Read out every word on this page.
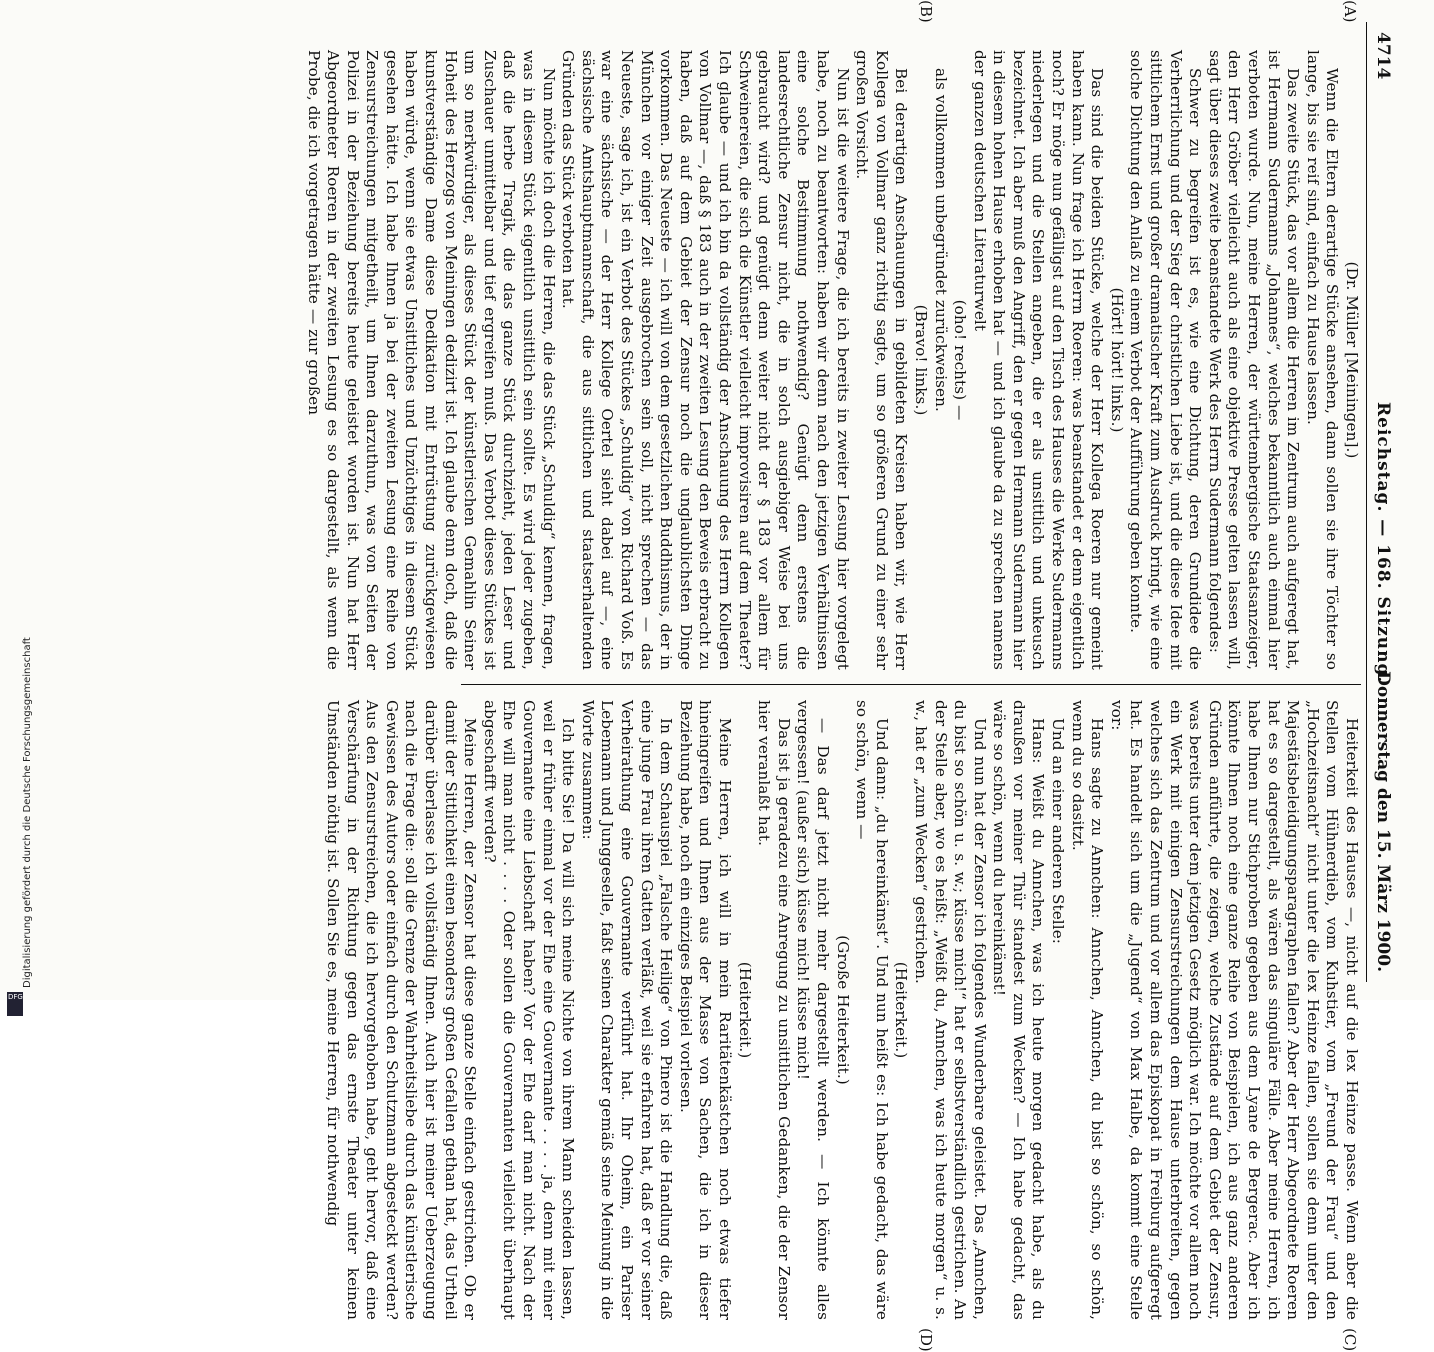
4714
Reichstag. — 168. Sitzung.
Donnerstag den 15. März 1900.
(A)
(B)
(C)
(D)

(Dr. Müller [Meiningen].)

Wenn die Eltern derartige Stücke ansehen, dann sollen sie ihre Töchter so lange, bis sie reif sind, einfach zu Hause lassen.

Das zweite Stück, das vor allem die Herren im Zentrum auch aufgeregt hat, ist Hermann Sudermanns „Johannes“, welches bekanntlich auch einmal hier verboten wurde. Nun, meine Herren, der württembergische Staatsanzeiger, den Herr Gröber vielleicht auch als eine objektive Presse gelten lassen will, sagt über dieses zweite beanstandete Werk des Herrn Sudermann folgendes:

Schwer zu begreifen ist es, wie eine Dichtung, deren Grundidee die Verherrlichung und der Sieg der christlichen Liebe ist, und die diese Idee mit sittlichem Ernst und großer dramatischer Kraft zum Ausdruck bringt, wie eine solche Dichtung den Anlaß zu einem Verbot der Aufführung geben konnte.

(Hört! hört! links.)

Das sind die beiden Stücke, welche der Herr Kollega Roeren nur gemeint haben kann. Nun frage ich Herrn Roeren: was beanstandet er denn eigentlich noch? Er möge nun gefälligst auf den Tisch des Hauses die Werke Sudermanns niederlegen und die Stellen angeben, die er als unsittlich und unkeusch bezeichnet. Ich aber muß den Angriff, den er gegen Hermann Sudermann hier in diesem hohen Hause erhoben hat — und ich glaube da zu sprechen namens der ganzen deutschen Literaturwelt

(oho! rechts) —

als vollkommen unbegründet zurückweisen.

(Bravo! links.)

Bei derartigen Anschauungen in gebildeten Kreisen haben wir, wie Herr Kollega von Vollmar ganz richtig sagte, um so größeren Grund zu einer sehr großen Vorsicht.

Nun ist die weitere Frage, die ich bereits in zweiter Lesung hier vorgelegt habe, noch zu beantworten: haben wir denn nach den jetzigen Verhältnissen eine solche Bestimmung nothwendig? Genügt denn erstens die landesrechtliche Zensur nicht, die in solch ausgiebiger Weise bei uns gebraucht wird? und genügt denn weiter nicht der § 183 vor allem für Schweinereien, die sich die Künstler vielleicht improvisiren auf dem Theater? Ich glaube — und ich bin da vollständig der Anschauung des Herrn Kollegen von Vollmar —, daß § 183 auch in der zweiten Lesung den Beweis erbracht zu haben, daß auf dem Gebiet der Zensur noch die unglaublichsten Dinge vorkommen. Das Neueste — ich will von dem gesetzlichen Buddhismus, der in München vor einiger Zeit ausgebrochen sein soll, nicht sprechen — das Neueste, sage ich, ist ein Verbot des Stückes „Schuldig“ von Richard Voß. Es war eine sächsische — der Herr Kollege Oertel sieht dabei auf —, eine sächsische Amtshauptmannschaft, die aus sittlichen und staatserhaltenden Gründen das Stück verboten hat.

Nun möchte ich doch die Herren, die das Stück „Schuldig“ kennen, fragen, was in diesem Stück eigentlich unsittlich sein sollte. Es wird jeder zugeben, daß die herbe Tragik, die das ganze Stück durchzieht, jeden Leser und Zuschauer unmittelbar und tief ergreifen muß. Das Verbot dieses Stückes ist um so merkwürdiger, als dieses Stück der künstlerischen Gemahlin Seiner Hoheit des Herzogs von Meiningen dedizirt ist. Ich glaube denn doch, daß die kunstverständige Dame diese Dedikation mit Entrüstung zurückgewiesen haben würde, wenn sie etwas Unsittliches und Unzüchtiges in diesem Stück gesehen hätte. Ich habe Ihnen ja bei der zweiten Lesung eine Reihe von Zensurstreichungen mitgetheilt, um Ihnen darzuthun, was von Seiten der Polizei in der Beziehung bereits heute geleistet worden ist. Nun hat Herr Abgeordneter Roeren in der zweiten Lesung es so dargestellt, als wenn die Probe, die ich vorgetragen hätte — zur großen

Heiterkeit des Hauses —, nicht auf die lex Heinze passe. Wenn aber die Stellen vom Hühnerdieb, vom Kuhstier, vom „Freund der Frau“ und den „Hochzeitsnacht“ nicht unter die lex Heinze fallen, sollen sie denn unter den Majestätsbeleidigungsparagraphen fallen? Aber der Herr Abgeordnete Roeren hat es so dargestellt, als wären das singuläre Fälle. Aber meine Herren, ich habe Ihnen nur Stichproben gegeben aus dem Lyane de Bergerac. Aber ich könnte Ihnen noch eine ganze Reihe von Beispielen, ich aus ganz anderen Gründen anführte, die zeigen, welche Zustände auf dem Gebiet der Zensur, was bereits unter dem jetzigen Gesetz möglich war. Ich möchte vor allem noch ein Werk mit einigen Zensurstreichungen dem Hause unterbreiten, gegen welches sich das Zentrum und vor allem das Episkopat in Freiburg aufgeregt hat. Es handelt sich um die „Jugend“ von Max Halbe, da kommt eine Stelle vor:

Hans sagte zu Annchen: Annchen, Annchen, du bist so schön, so schön, wenn du so dasitzt.

Und an einer anderen Stelle:

Hans: Weißt du Annchen, was ich heute morgen gedacht habe, als du draußen vor meiner Thür standest zum Wecken? — Ich habe gedacht, das wäre so schön, wenn du hereinkämst!

Und nun hat der Zensor ich folgendes Wunderbare geleistet. Das „Annchen, du bist so schön u. s. w.; küsse mich!“ hat er selbstverständlich gestrichen. An der Stelle aber, wo es heißt: „Weißt du, Annchen, was ich heute morgen“ u. s. w., hat er „zum Wecken“ gestrichen.

(Heiterkeit.)

Und dann: „du hereinkämst“. Und nun heißt es: Ich habe gedacht, das wäre so schön, wenn —

(Große Heiterkeit.)

— Das darf jetzt nicht mehr dargestellt werden. — Ich könnte alles vergessen! (außer sich) küsse mich! küsse mich!

Das ist ja geradezu eine Anregung zu unsittlichen Gedanken, die der Zensor hier veranlaßt hat.

(Heiterkeit.)

Meine Herren, ich will in mein Raritätenkästchen noch etwas tiefer hineingreifen und Ihnen aus der Masse von Sachen, die ich in dieser Beziehung habe, noch ein einziges Beispiel vorlesen.

In dem Schauspiel „Falsche Heilige“ von Pinero ist die Handlung die, daß eine junge Frau ihren Gatten verläßt, weil sie erfahren hat, daß er vor seiner Verheirathung eine Gouvernante verführt hat. Ihr Oheim, ein Pariser Lebemann und Junggeselle, faßt seinen Charakter gemäß seine Meinung in die Worte zusammen:

Ich bitte Sie! Da will sich meine Nichte von ihrem Mann scheiden lassen, weil er früher einmal vor der Ehe eine Gouvernante . . . . ja, denn mit einer Gouvernante eine Liebschaft haben? Vor der Ehe darf man nicht. Nach der Ehe will man nicht . . . . Oder sollen die Gouvernanten vielleicht überhaupt abgeschafft werden?

Meine Herren, der Zensor hat diese ganze Stelle einfach gestrichen. Ob er damit der Sittlichkeit einen besonders großen Gefallen gethan hat, das Urtheil darüber überlasse ich vollständig Ihnen. Auch hier ist meiner Ueberzeugung nach die Frage die: soll die Grenze der Wahrheitsliebe durch das künstlerische Gewissen des Autors oder einfach durch den Schutzmann abgesteckt werden? Aus den Zensurstreichen, die ich hervorgehoben habe, geht hervor, daß eine Verschärfung in der Richtung gegen das ernste Theater unter keinen Umständen nöthig ist. Sollen Sie es, meine Herren, für nothwendig

Digitalisierung gefördert durch die Deutsche Forschungsgemeinschaft
DFG
